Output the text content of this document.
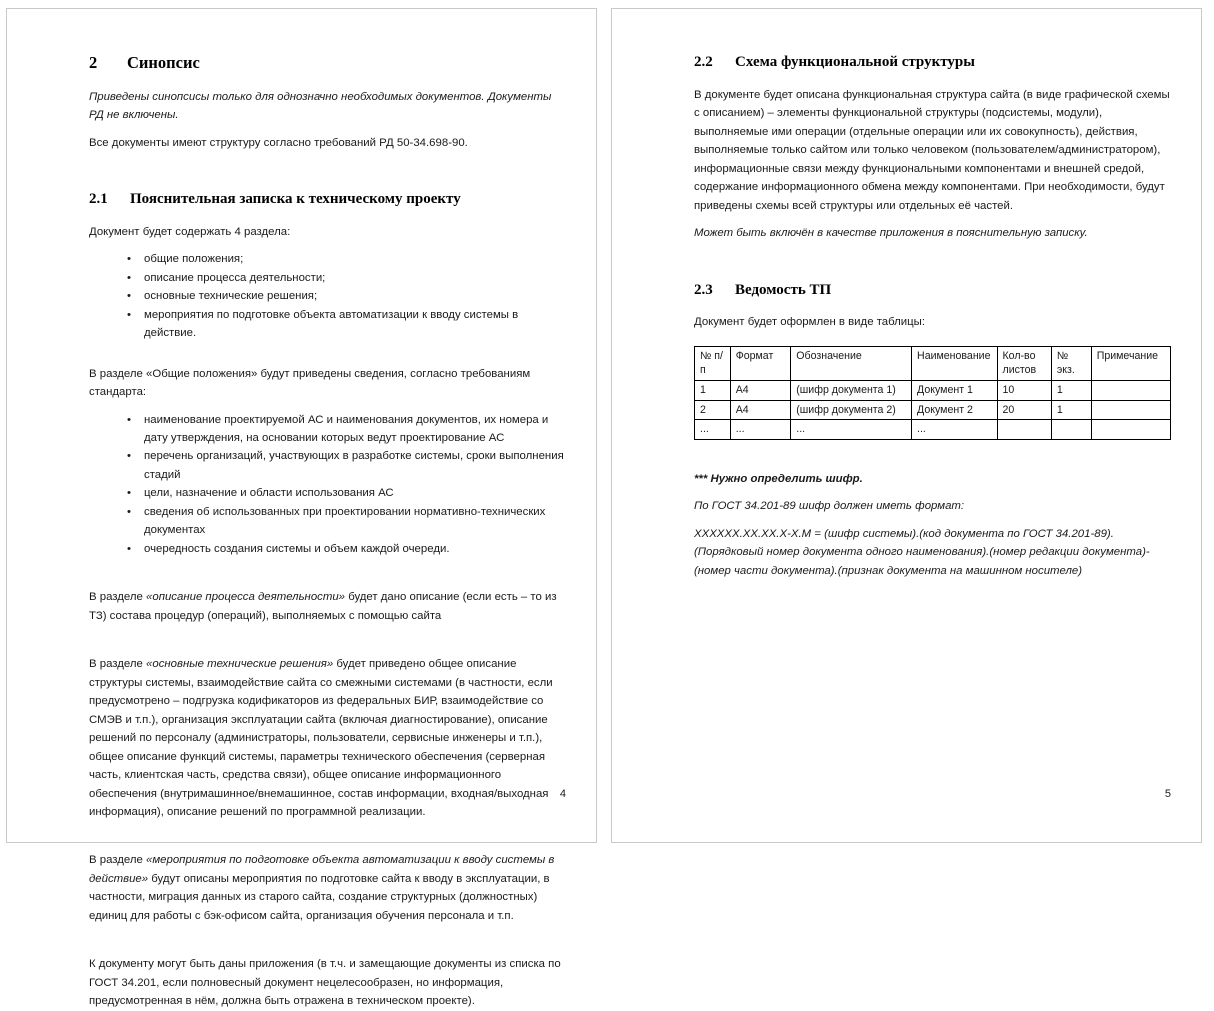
2	Синопсис

Приведены синопсисы только для однозначно необходимых документов. Документы РД не включены.

Все документы имеют структуру согласно требований РД 50-34.698-90.

2.1	Пояснительная записка к техническому проекту

Документ будет содержать 4 раздела:

• общие положения;
• описание процесса деятельности;
• основные технические решения;
• мероприятия по подготовке объекта автоматизации к вводу системы в действие.

В разделе «Общие положения» будут приведены сведения, согласно требованиям стандарта:

• наименование проектируемой АС и наименования документов, их номера и дату утверждения, на основании которых ведут проектирование АС
• перечень организаций, участвующих в разработке системы, сроки выполнения стадий
• цели, назначение и области использования АС
• сведения об использованных при проектировании нормативно-технических документах
• очередность создания системы и объем каждой очереди.

В разделе «описание процесса деятельности» будет дано описание (если есть – то из ТЗ) состава процедур (операций), выполняемых с помощью сайта

В разделе «основные технические решения» будет приведено общее описание структуры системы, взаимодействие сайта со смежными системами (в частности, если предусмотрено – подгрузка кодификаторов из федеральных БИР, взаимодействие со СМЭВ и т.п.), организация эксплуатации сайта (включая диагностирование), описание решений по персоналу (администраторы, пользователи, сервисные инженеры и т.п.), общее описание функций системы, параметры технического обеспечения (серверная часть, клиентская часть, средства связи), общее описание информационного обеспечения (внутримашинное/внемашинное, состав информации, входная/выходная информация), описание решений по программной реализации.

В разделе «мероприятия по подготовке объекта автоматизации к вводу системы в действие» будут описаны мероприятия по подготовке сайта к вводу в эксплуатации, в частности, миграция данных из старого сайта, создание структурных (должностных) единиц для работы с бэк-офисом сайта, организация обучения персонала и т.п.

К документу могут быть даны приложения (в т.ч. и замещающие документы из списка по ГОСТ 34.201, если полновесный документ нецелесообразен, но информация, предусмотренная в нём, должна быть отражена в техническом проекте).

4
2.2	Схема функциональной структуры

В документе будет описана функциональная структура сайта (в виде графической схемы с описанием) – элементы функциональной структуры (подсистемы, модули), выполняемые ими операции (отдельные операции или их совокупность), действия, выполняемые только сайтом или только человеком (пользователем/администратором), информационные связи между функциональными компонентами и внешней средой, содержание информационного обмена между компонентами. При необходимости, будут приведены схемы всей структуры или отдельных её частей.

Может быть включён в качестве приложения в пояснительную записку.

2.3	Ведомость ТП

Документ будет оформлен в виде таблицы:

№ п/п	Формат	Обозначение	Наименование	Кол-во листов	№ экз.	Примечание
1	A4	(шифр документа 1)	Документ 1	10	1	
2	A4	(шифр документа 2)	Документ 2	20	1	
...	...	...	...			

*** Нужно определить шифр.

По ГОСТ 34.201-89 шифр должен иметь формат:

XXXXXX.XX.XX.X-X.M = (шифр системы).(код документа по ГОСТ 34.201-89).(Порядковый номер документа одного наименования).(номер редакции документа)-(номер части документа).(признак документа на машинном носителе)

5
